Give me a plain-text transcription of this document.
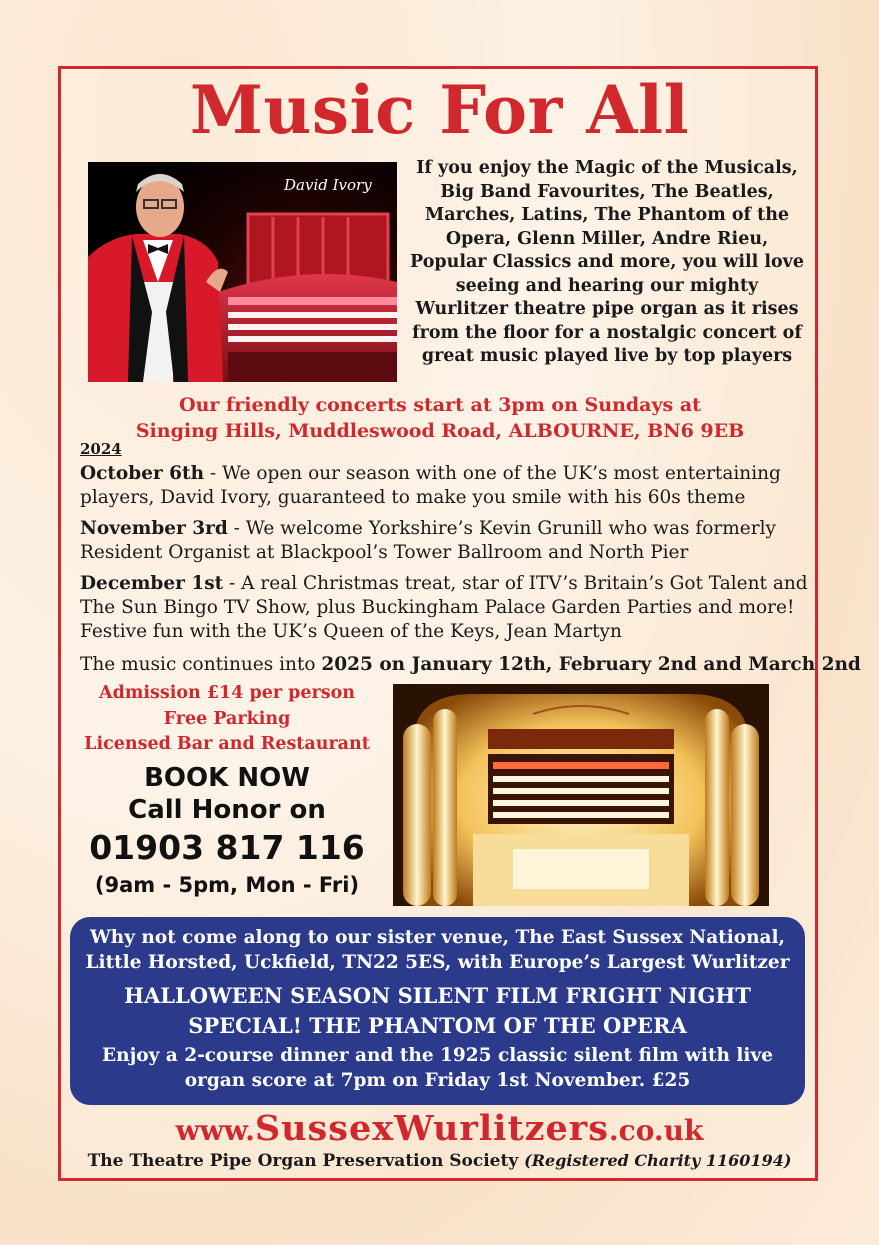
Music For All
David Ivory
If you enjoy the Magic of the Musicals, Big Band Favourites, The Beatles, Marches, Latins, The Phantom of the Opera, Glenn Miller, Andre Rieu, Popular Classics and more, you will love seeing and hearing our mighty Wurlitzer theatre pipe organ as it rises from the floor for a nostalgic concert of great music played live by top players
Our friendly concerts start at 3pm on Sundays at
Singing Hills, Muddleswood Road, ALBOURNE, BN6 9EB
2024
October 6th - We open our season with one of the UK’s most entertaining players, David Ivory, guaranteed to make you smile with his 60s theme
November 3rd - We welcome Yorkshire’s Kevin Grunill who was formerly Resident Organist at Blackpool’s Tower Ballroom and North Pier
December 1st - A real Christmas treat, star of ITV’s Britain’s Got Talent and The Sun Bingo TV Show, plus Buckingham Palace Garden Parties and more! Festive fun with the UK’s Queen of the Keys, Jean Martyn
The music continues into 2025 on January 12th, February 2nd and March 2nd
Admission £14 per person
Free Parking
Licensed Bar and Restaurant
BOOK NOW
Call Honor on
01903 817 116
(9am - 5pm, Mon - Fri)
Why not come along to our sister venue, The East Sussex National, Little Horsted, Uckfield, TN22 5ES, with Europe’s Largest Wurlitzer
HALLOWEEN SEASON SILENT FILM FRIGHT NIGHT SPECIAL! THE PHANTOM OF THE OPERA
Enjoy a 2-course dinner and the 1925 classic silent film with live organ score at 7pm on Friday 1st November. £25
www.SussexWurlitzers.co.uk
The Theatre Pipe Organ Preservation Society (Registered Charity 1160194)
